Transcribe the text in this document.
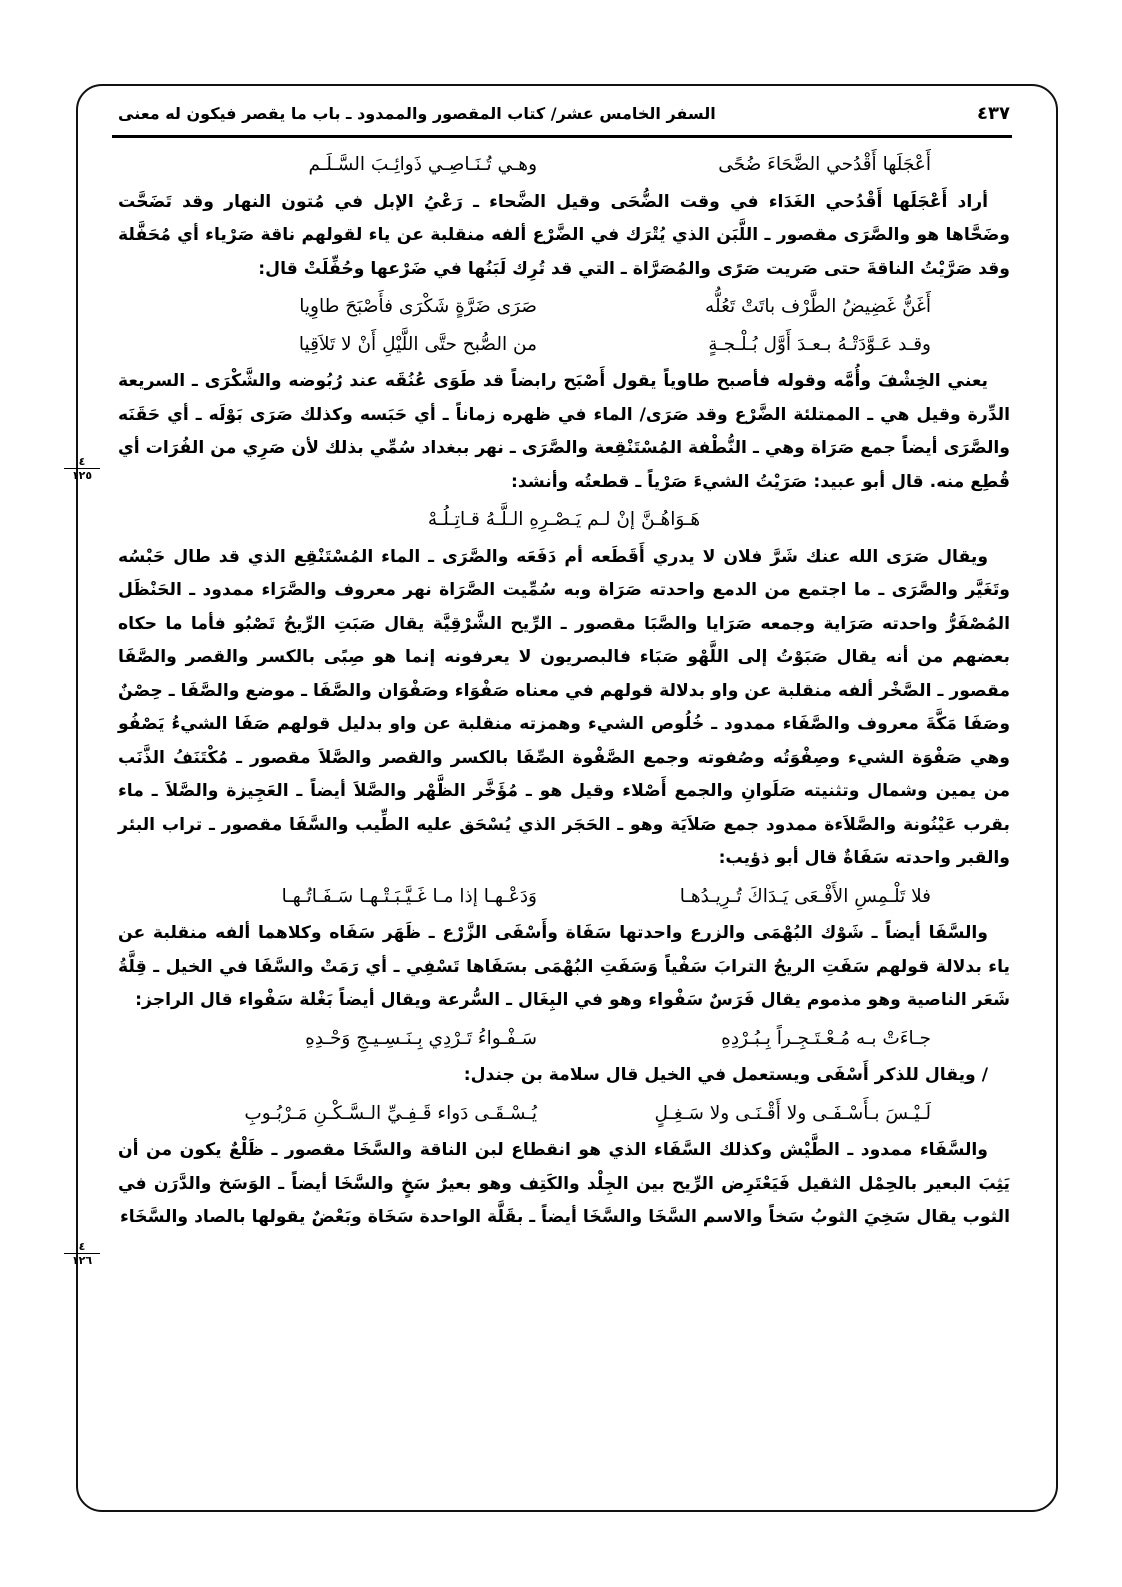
السفر الخامس عشر/ كتاب المقصور والممدود ـ باب ما يقصر فيكون له معنى	٤٣٧
٤
١٢٥
٤
١٢٦
أَعْجَلَها أَقْدُحي الضَّحَاءَ ضُحًى
وهـي تُـنَـاصِـي ذَوائِـبَ السَّـلَـم

أراد أَعْجَلَها أَقْدُحي الغَدَاء في وقت الضُّحَى وقيل الضَّحاء ـ رَعْيُ الإبل في مُتون النهار وقد تَضَحَّت وضَحَّاها هو والصَّرَى مقصور ـ اللَّبَن الذي يُتْرَك في الضَّرْع ألفه منقلبة عن ياء لقولهم ناقة صَرْياء أي مُحَفَّلة وقد صَرَّيْتُ الناقةَ حتى صَريت صَرًى والمُصَرَّاة ـ التي قد تُرِك لَبَنُها في ضَرْعها وحُفِّلَتْ قال:

أَغَنُّ غَضِيضُ الطَّرْف باتَتْ تَعُلُّه
صَرَى ضَرَّةٍ شَكْرَى فأَصْبَحَ طاوِيا
وقـد عَـوَّدَتْـهُ بـعـدَ أَوَّل بُـلْـجـةٍ
من الصُّبح حتَّى اللَّيْلِ أَنْ لا تَلاَقِيا

يعني الخِشْفَ وأُمَّه وقوله فأصبح طاوياً يقول أَصْبَح رابضاً قد طَوَى عُنُقَه عند رُبُوضه والشَّكْرَى ـ السريعة الدِّرة وقيل هي ـ الممتلئة الضَّرْع وقد صَرَى/ الماء في ظهره زماناً ـ أي حَبَسه وكذلك صَرَى بَوْلَه ـ أي حَقَنَه والصَّرَى أيضاً جمع صَرَاة وهي ـ النُّطْفة المُسْتَنْقِعة والصَّرَى ـ نهر ببغداد سُمِّي بذلك لأن صَرِي من الفُرَات أي قُطِع منه. قال أبو عبيد: صَرَيْتُ الشيءَ صَرْياً ـ قطعتُه وأنشد:

هَـوَاهُـنَّ إنْ لـم يَـصْـرِهِ الـلَّـهُ قـاتِـلُـهْ

ويقال صَرَى الله عنك شَرَّ فلان لا يدري أَقَطَعه أم دَفَعَه والصَّرَى ـ الماء المُسْتَنْقِع الذي قد طال حَبْسُه وتَغَيَّر والصَّرَى ـ ما اجتمع من الدمع واحدته صَرَاة وبه سُمِّيت الصَّرَاة نهر معروف والصَّرَاء ممدود ـ الحَنْظَل المُصْفَرُّ واحدته صَرَاية وجمعه صَرَايا والصَّبَا مقصور ـ الرِّيح الشَّرْقِيَّة يقال صَبَتِ الرِّيحُ تَصْبُو فأما ما حكاه بعضهم من أنه يقال صَبَوْتُ إلى اللَّهْو صَبَاء فالبصريون لا يعرفونه إنما هو صِبًى بالكسر والقصر والصَّفَا مقصور ـ الصَّخْر ألفه منقلبة عن واو بدلالة قولهم في معناه صَفْوَاء وصَفْوَان والصَّفَا ـ موضع والصَّفَا ـ حِصْنٌ وصَفَا مَكَّةَ معروف والصَّفَاء ممدود ـ خُلُوص الشيء وهمزته منقلبة عن واو بدليل قولهم صَفَا الشيءُ يَصْفُو وهي صَفْوَة الشيء وصِفْوَتُه وصُفوته وجمع الصَّفْوة الصِّفَا بالكسر والقصر والصَّلاَ مقصور ـ مُكْتَنَفُ الذَّنَب من يمين وشمال وتثنيته صَلَوانِ والجمع أَصْلاء وقيل هو ـ مُؤَخَّر الظَّهْر والصَّلاَ أيضاً ـ العَجِيزة والصَّلاَ ـ ماء بقرب عَيْنُونة والصَّلاَءة ممدود جمع صَلاَيَة وهو ـ الحَجَر الذي يُسْحَق عليه الطِّيب والسَّفَا مقصور ـ تراب البئر والقبر واحدته سَفَاةٌ قال أبو ذؤيب:

فلا تَلْـمِسِ الأَفْـعَى يَـدَاكَ تُـرِيـدُهـا
وَدَعْـهـا إذا مـا غَـيَّـبَـتْـهـا سَـفَـاتُـهـا

والسَّفَا أيضاً ـ شَوْك البُهْمَى والزرع واحدتها سَفَاة وأَسْفَى الزَّرْع ـ ظَهَر سَفَاه وكلاهما ألفه منقلبة عن ياء بدلالة قولهم سَفَتِ الريحُ الترابَ سَفْياً وَسَفَتِ البُهْمَى بسَفَاها تَسْفِي ـ أي رَمَتْ والسَّفَا في الخيل ـ قِلَّةُ شَعَر الناصية وهو مذموم يقال فَرَسٌ سَفْواء وهو في البِغَال ـ السُّرعة ويقال أيضاً بَغْلة سَفْواء قال الراجز:

جـاءَتْ بـه مُـعْـتَـجِـراً بِـبُـرْدِهِ
سَـفْـواءُ تَـرْدِي بِـنَـسِـيـجِ وَحْـدِهِ

/ ويقال للذكر أَسْفَى ويستعمل في الخيل قال سلامة بن جندل:

لَـيْـسَ بـأَسْـفَـى ولا أَقْـنَـى ولا سَـغِـلٍ
يُـسْـقَـى دَواء قَـفِـيِّ الـسَّـكْـنِ مَـرْبُـوبِ

والسَّفَاء ممدود ـ الطَّيْش وكذلك السَّفَاء الذي هو انقطاع لبن الناقة والسَّخَا مقصور ـ ظَلْعٌ يكون من أن يَثِبَ البعير بالحِمْل الثقيل فَيَعْتَرِض الرِّيح بين الجِلْد والكَتِف وهو بعيرٌ سَخٍ والسَّخَا أيضاً ـ الوَسَخ والدَّرَن في الثوب يقال سَخِيَ الثوبُ سَخاً والاسم السَّخَا والسَّخَا أيضاً ـ بقَلَّة الواحدة سَخَاة وبَعْضٌ يقولها بالصاد والسَّخَاء
